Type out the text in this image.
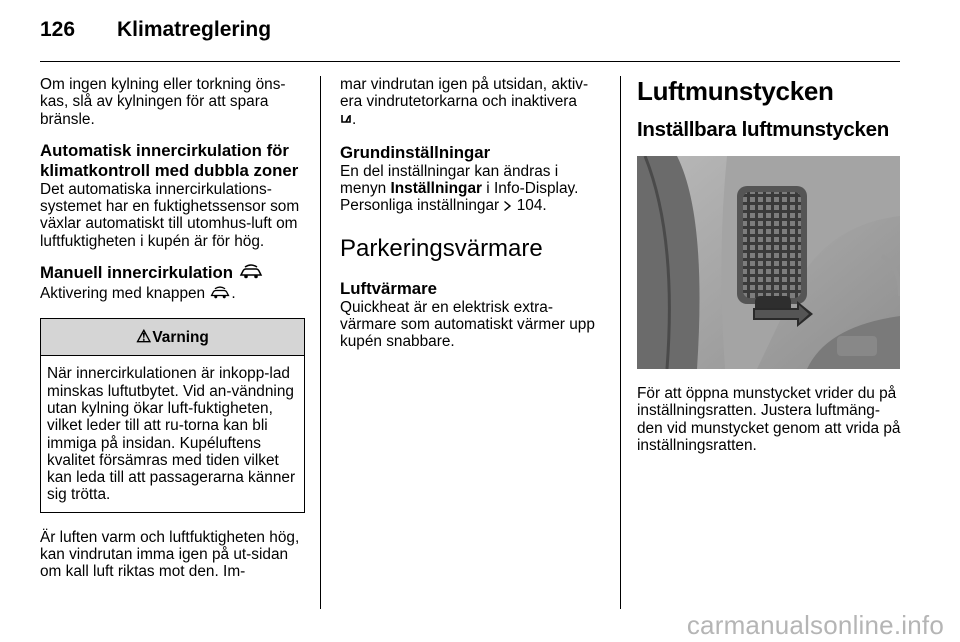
126 Klimatreglering

Om ingen kylning eller torkning öns-kas, slå av kylningen för att spara bränsle.

Automatisk innercirkulation för klimatkontroll med dubbla zoner

Det automatiska innercirkulations-systemet har en fuktighetssensor som växlar automatiskt till utomhus-luft om luftfuktigheten i kupén är för hög.

Manuell innercirkulation

Aktivering med knappen .

⚠Varning
När innercirkulationen är inkopp-lad minskas luftutbytet. Vid an-vändning utan kylning ökar luft-fuktigheten, vilket leder till att ru-torna kan bli immiga på insidan. Kupéluftens kvalitet försämras med tiden vilket kan leda till att passagerarna känner sig trötta.

Är luften varm och luftfuktigheten hög, kan vindrutan imma igen på ut-sidan om kall luft riktas mot den. Im-

mar vindrutan igen på utsidan, aktiv-era vindrutetorkarna och inaktivera
.

Grundinställningar

En del inställningar kan ändras i menyn Inställningar i Info-Display. Personliga inställningar 104.

Parkeringsvärmare
Luftvärmare

Quickheat är en elektrisk extra-värmare som automatiskt värmer upp kupén snabbare.

Luftmunstycken
Inställbara luftmunstycken

För att öppna munstycket vrider du på inställningsratten. Justera luftmäng-den vid munstycket genom att vrida på inställningsratten.

carmanualsonline.info
